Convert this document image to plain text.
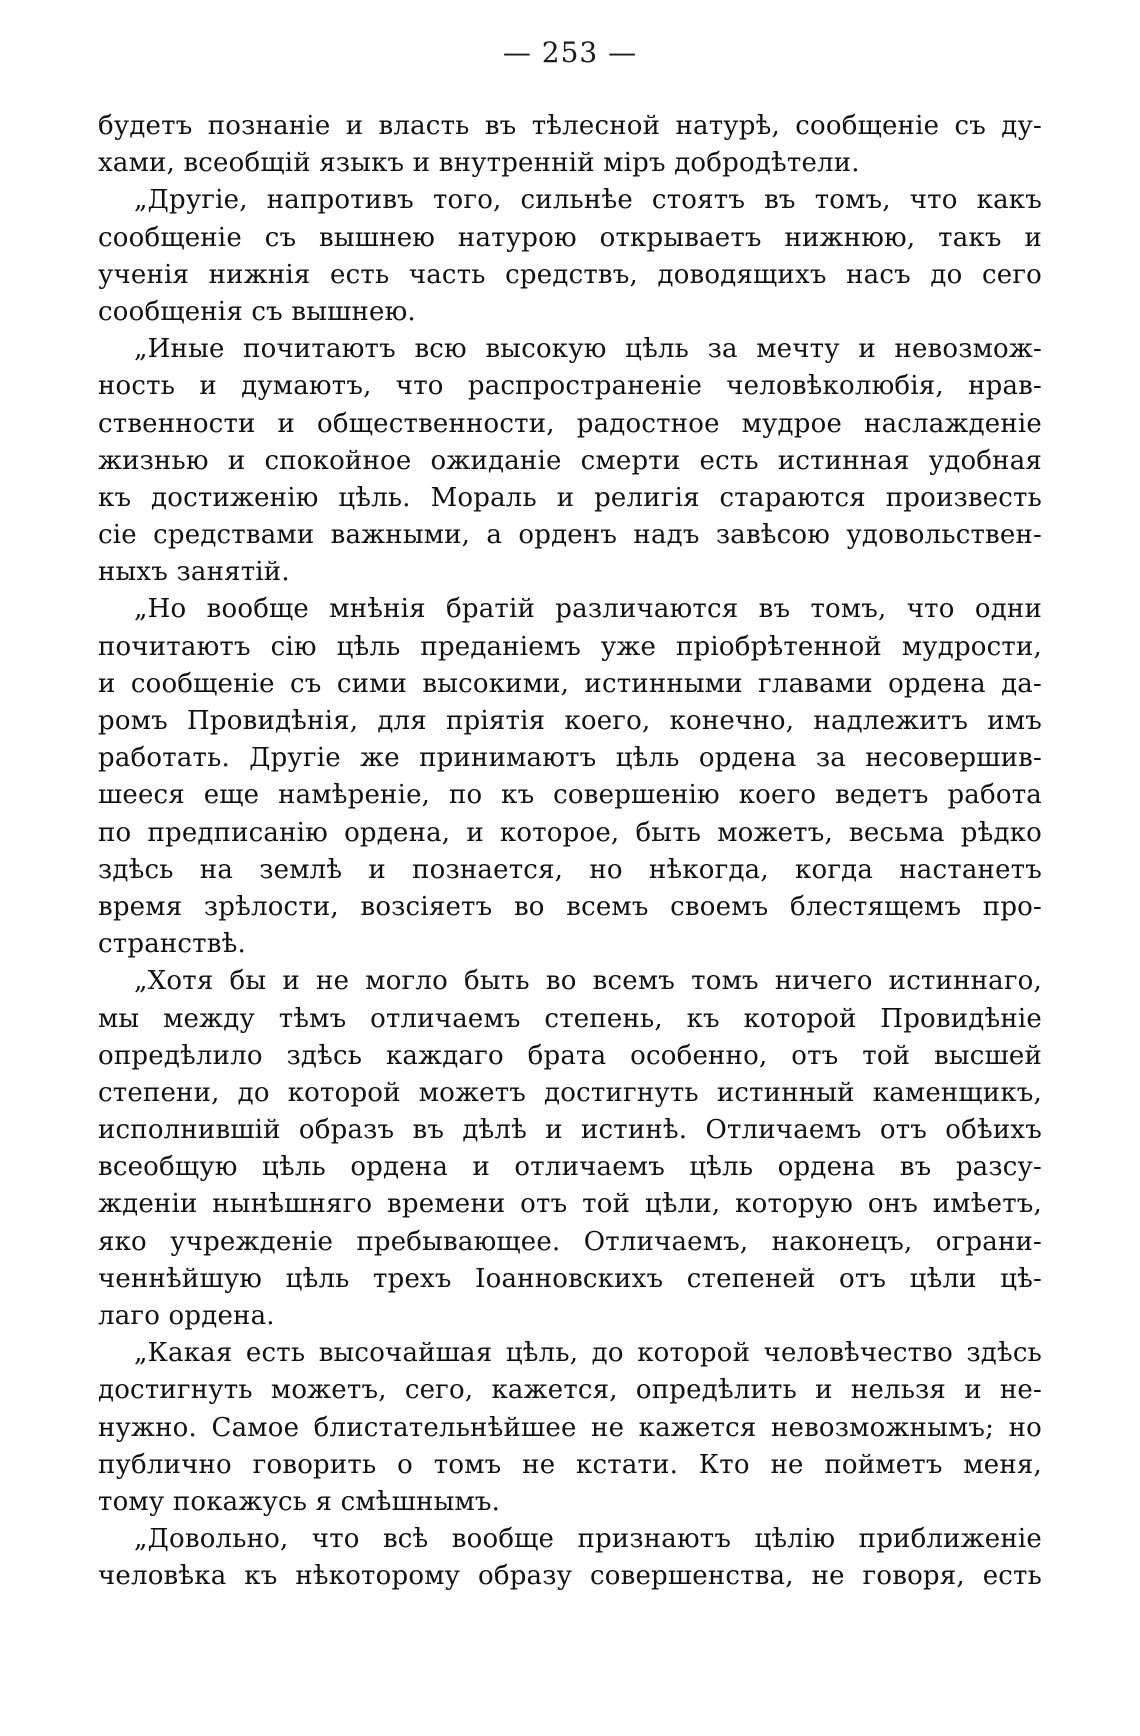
— 253 —
будетъ познаніе и власть въ тѣлесной натурѣ, сообщеніе съ ду-
хами, всеобщій языкъ и внутренній міръ добродѣтели.
„Другіе, напротивъ того, сильнѣе стоятъ въ томъ, что какъ
сообщеніе съ вышнею натурою открываетъ нижнюю, такъ и
ученія нижнія есть часть средствъ, доводящихъ насъ до сего
сообщенія съ вышнею.
„Иные почитаютъ всю высокую цѣль за мечту и невозмож-
ность и думаютъ, что распространеніе человѣколюбія, нрав-
ственности и общественности, радостное мудрое наслажденіе
жизнью и спокойное ожиданіе смерти есть истинная удобная
къ достиженію цѣль. Мораль и религія стараются произвесть
сіе средствами важными, а орденъ надъ завѣсою удовольствен-
ныхъ занятій.
„Но вообще мнѣнія братій различаются въ томъ, что одни
почитаютъ сію цѣль преданіемъ уже пріобрѣтенной мудрости,
и сообщеніе съ сими высокими, истинными главами ордена да-
ромъ Провидѣнія, для пріятія коего, конечно, надлежитъ имъ
работать. Другіе же принимаютъ цѣль ордена за несовершив-
шееся еще намѣреніе, по къ совершенію коего ведетъ работа
по предписанію ордена, и которое, быть можетъ, весьма рѣдко
здѣсь на землѣ и познается, но нѣкогда, когда настанетъ
время зрѣлости, возсіяетъ во всемъ своемъ блестящемъ про-
странствѣ.
„Хотя бы и не могло быть во всемъ томъ ничего истиннаго,
мы между тѣмъ отличаемъ степень, къ которой Провидѣніе
опредѣлило здѣсь каждаго брата особенно, отъ той высшей
степени, до которой можетъ достигнуть истинный каменщикъ,
исполнившій образъ въ дѣлѣ и истинѣ. Отличаемъ отъ обѣихъ
всеобщую цѣль ордена и отличаемъ цѣль ордена въ разсу-
жденіи нынѣшняго времени отъ той цѣли, которую онъ имѣетъ,
яко учрежденіе пребывающее. Отличаемъ, наконецъ, ограни-
ченнѣйшую цѣль трехъ Іоанновскихъ степеней отъ цѣли цѣ-
лаго ордена.
„Какая есть высочайшая цѣль, до которой человѣчество здѣсь
достигнуть можетъ, сего, кажется, опредѣлить и нельзя и не-
нужно. Самое блистательнѣйшее не кажется невозможнымъ; но
публично говорить о томъ не кстати. Кто не пойметъ меня,
тому покажусь я смѣшнымъ.
„Довольно, что всѣ вообще признаютъ цѣлію приближеніе
человѣка къ нѣкоторому образу совершенства, не говоря, есть
